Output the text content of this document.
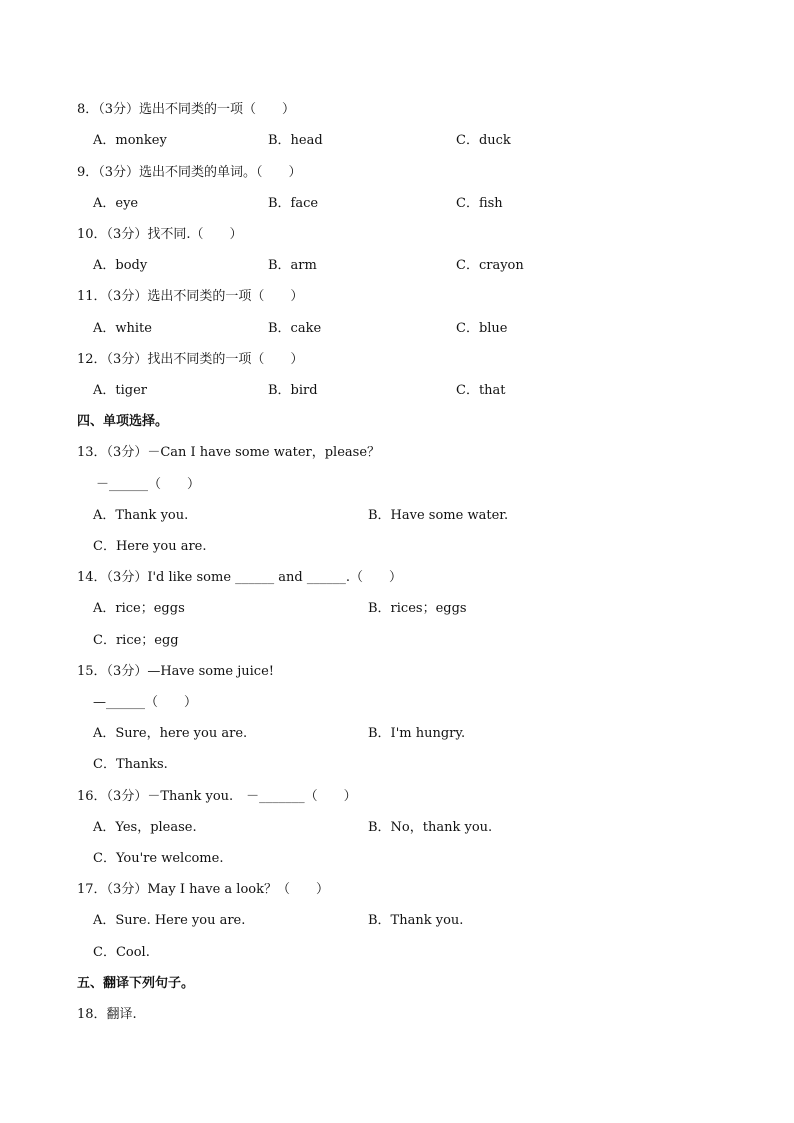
8．（3分）选出不同类的一项（　　）
A．monkey	B．head	C．duck
9．（3分）选出不同类的单词。（　　）
A．eye	B．face	C．fish
10．（3分）找不同.（　　）
A．body	B．arm	C．crayon
11．（3分）选出不同类的一项（　　）
A．white	B．cake	C．blue
12．（3分）找出不同类的一项（　　）
A．tiger	B．bird	C．that
四、单项选择。
13．（3分）－Can I have some water，please？
－______（　　）
A．Thank you.	B．Have some water.
C．Here you are.
14．（3分）I'd like some ______ and ______.（　　）
A．rice；eggs	B．rices；eggs
C．rice；egg
15．（3分）—Have some juice!
—______（　　）
A．Sure，here you are.	B．I'm hungry.
C．Thanks.
16．（3分）－Thank you.　－_______（　　）
A．Yes，please.	B．No，thank you.
C．You're welcome.
17．（3分）May I have a look？（　　）
A．Sure. Here you are.	B．Thank you.
C．Cool.
五、翻译下列句子。
18．翻译.
